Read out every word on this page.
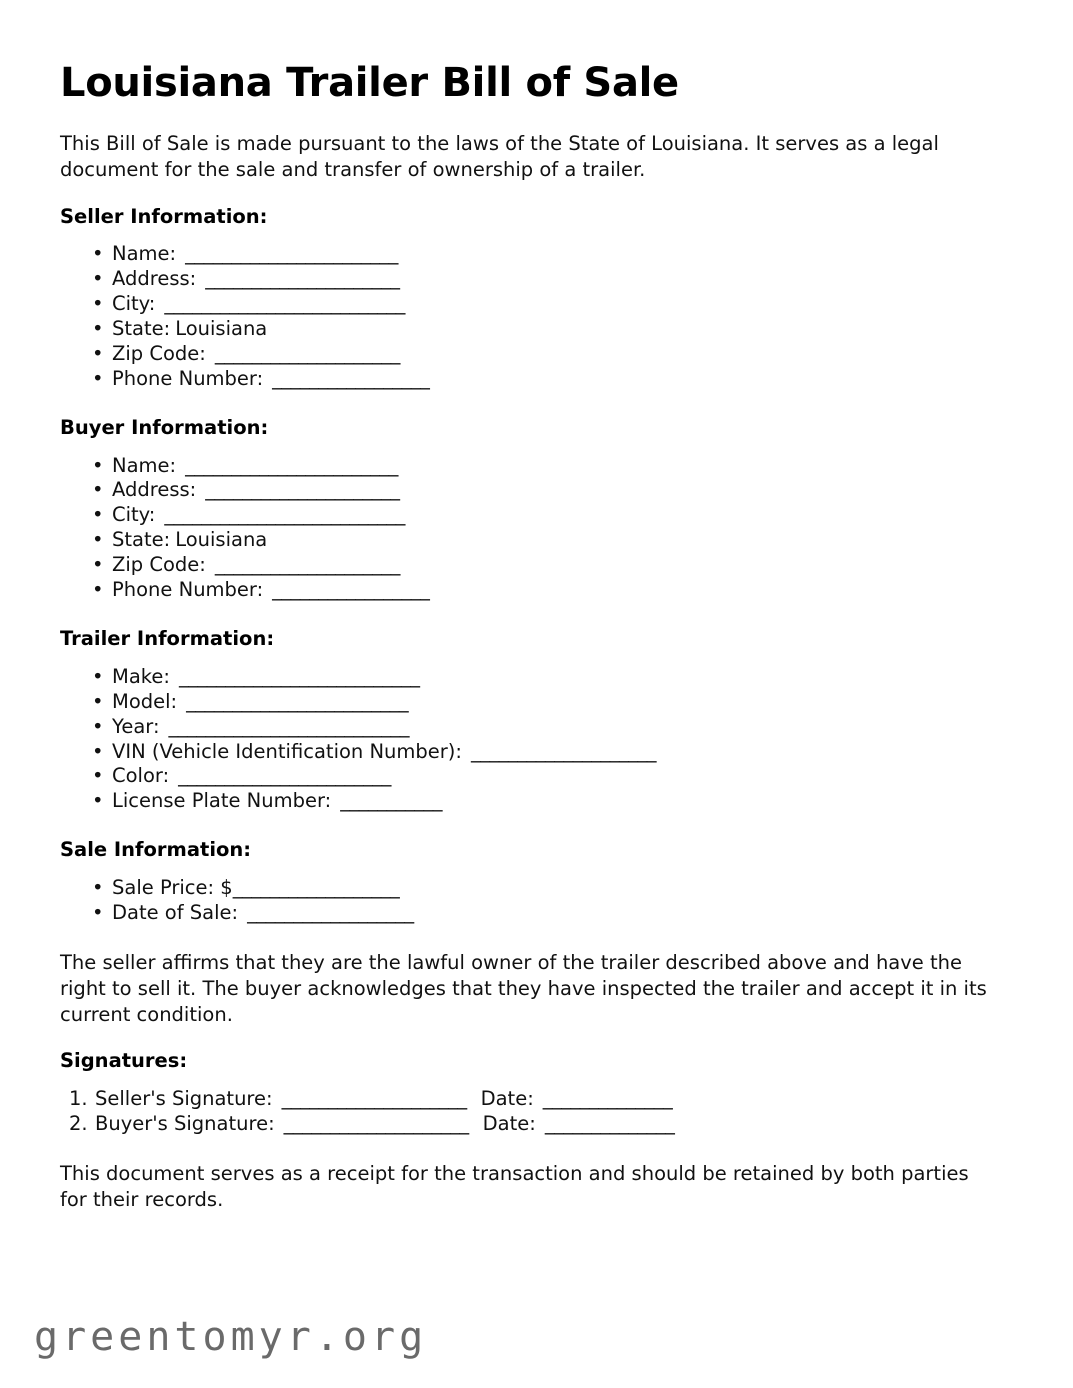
Louisiana Trailer Bill of Sale

This Bill of Sale is made pursuant to the laws of the State of Louisiana. It serves as a legal document for the sale and transfer of ownership of a trailer.

Seller Information:
• Name: _______________________
• Address: _____________________
• City: __________________________
• State: Louisiana
• Zip Code: ____________________
• Phone Number: _________________
Buyer Information:
• Name: _______________________
• Address: _____________________
• City: __________________________
• State: Louisiana
• Zip Code: ____________________
• Phone Number: _________________
Trailer Information:
• Make: __________________________
• Model: ________________________
• Year: __________________________
• VIN (Vehicle Identification Number): ____________________
• Color: _______________________
• License Plate Number: ___________
Sale Information:
• Sale Price: $__________________
• Date of Sale: __________________

The seller affirms that they are the lawful owner of the trailer described above and have the right to sell it. The buyer acknowledges that they have inspected the trailer and accept it in its current condition.

Signatures:
Seller's Signature: ____________________ Date: ______________
Buyer's Signature: ____________________ Date: ______________

This document serves as a receipt for the transaction and should be retained by both parties for their records.

greentomyr.org
